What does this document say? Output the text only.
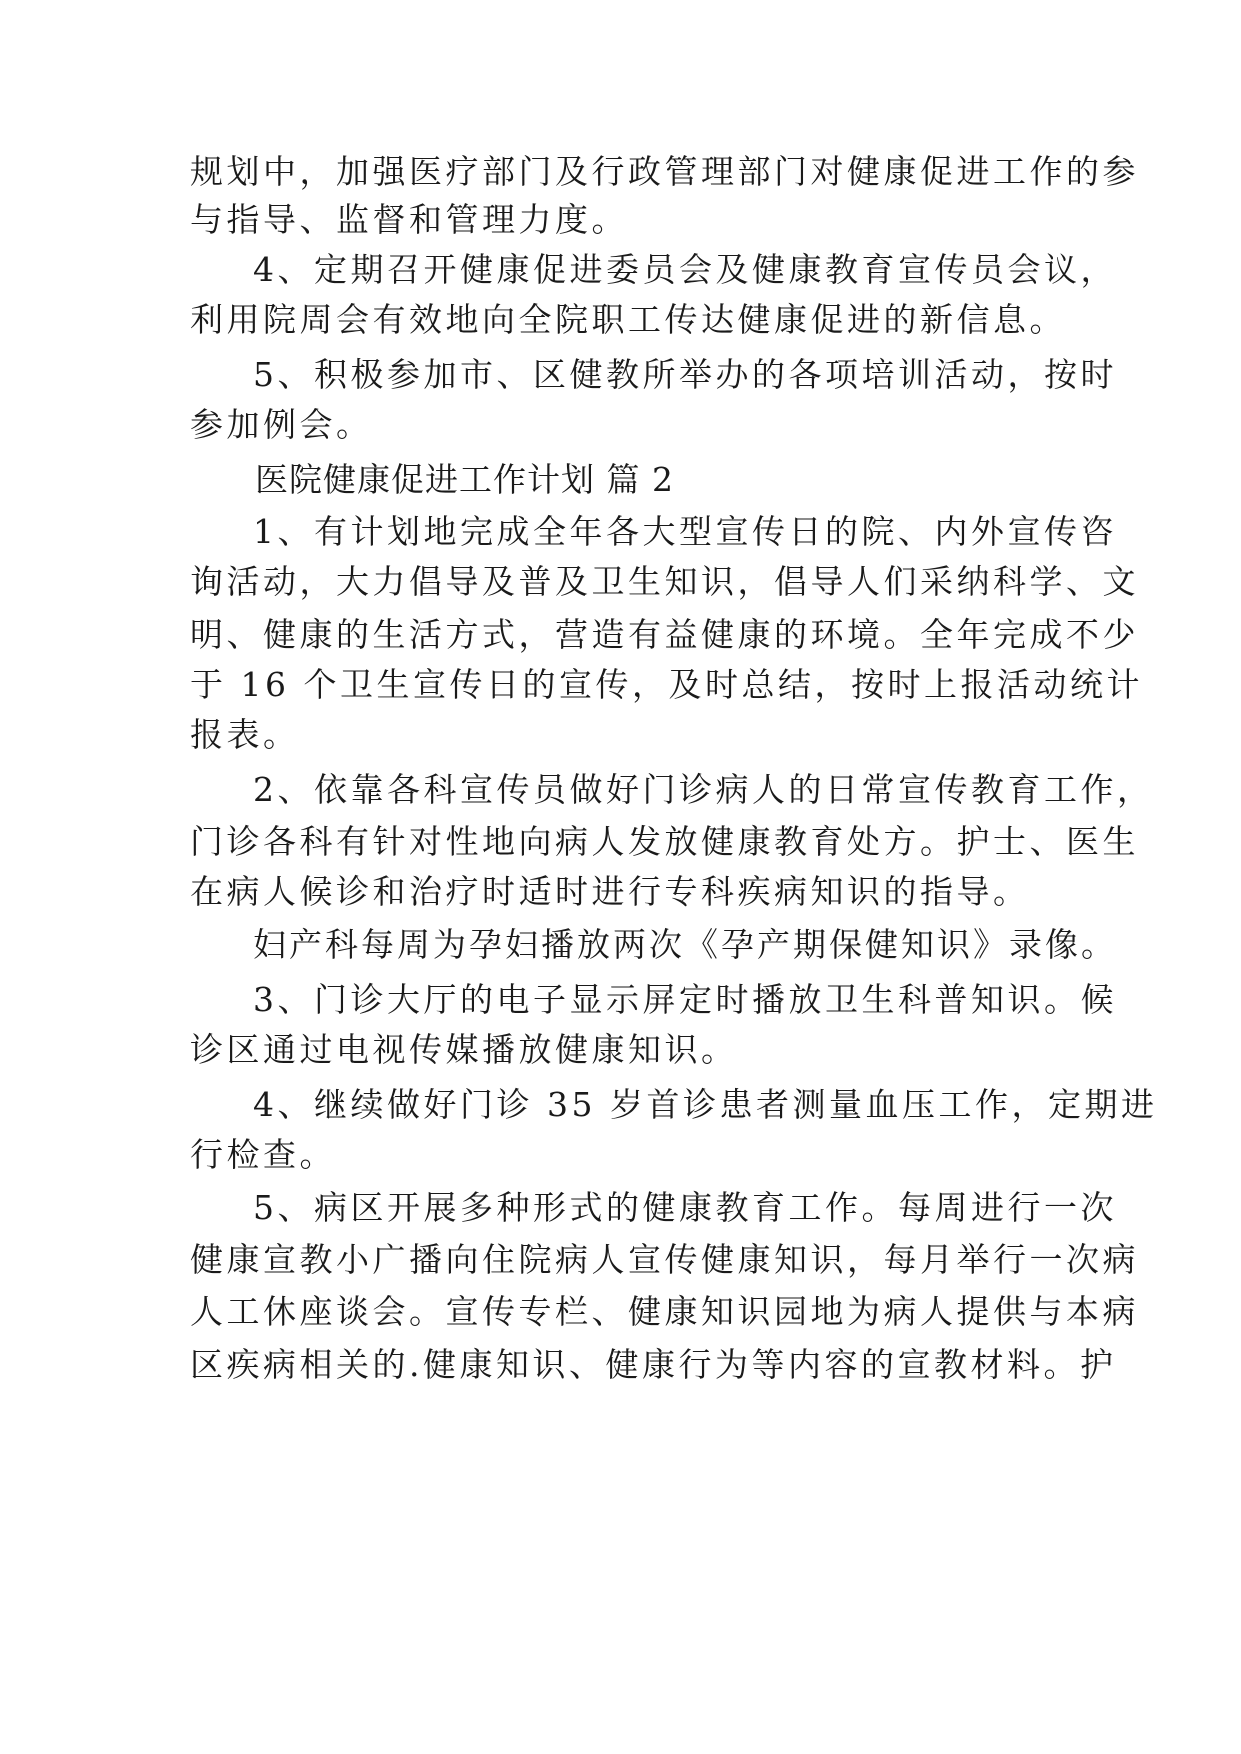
规划中，加强医疗部门及行政管理部门对健康促进工作的参
与指导、监督和管理力度。
4、定期召开健康促进委员会及健康教育宣传员会议，
利用院周会有效地向全院职工传达健康促进的新信息。
5、积极参加市、区健教所举办的各项培训活动，按时
参加例会。
医院健康促进工作计划 篇 2
1、有计划地完成全年各大型宣传日的院、内外宣传咨
询活动，大力倡导及普及卫生知识，倡导人们采纳科学、文
明、健康的生活方式，营造有益健康的环境。全年完成不少
于 16 个卫生宣传日的宣传，及时总结，按时上报活动统计
报表。
2、依靠各科宣传员做好门诊病人的日常宣传教育工作，
门诊各科有针对性地向病人发放健康教育处方。护士、医生
在病人候诊和治疗时适时进行专科疾病知识的指导。
妇产科每周为孕妇播放两次《孕产期保健知识》录像。
3、门诊大厅的电子显示屏定时播放卫生科普知识。候
诊区通过电视传媒播放健康知识。
4、继续做好门诊 35 岁首诊患者测量血压工作，定期进
行检查。
5、病区开展多种形式的健康教育工作。每周进行一次
健康宣教小广播向住院病人宣传健康知识，每月举行一次病
人工休座谈会。宣传专栏、健康知识园地为病人提供与本病
区疾病相关的.健康知识、健康行为等内容的宣教材料。护
